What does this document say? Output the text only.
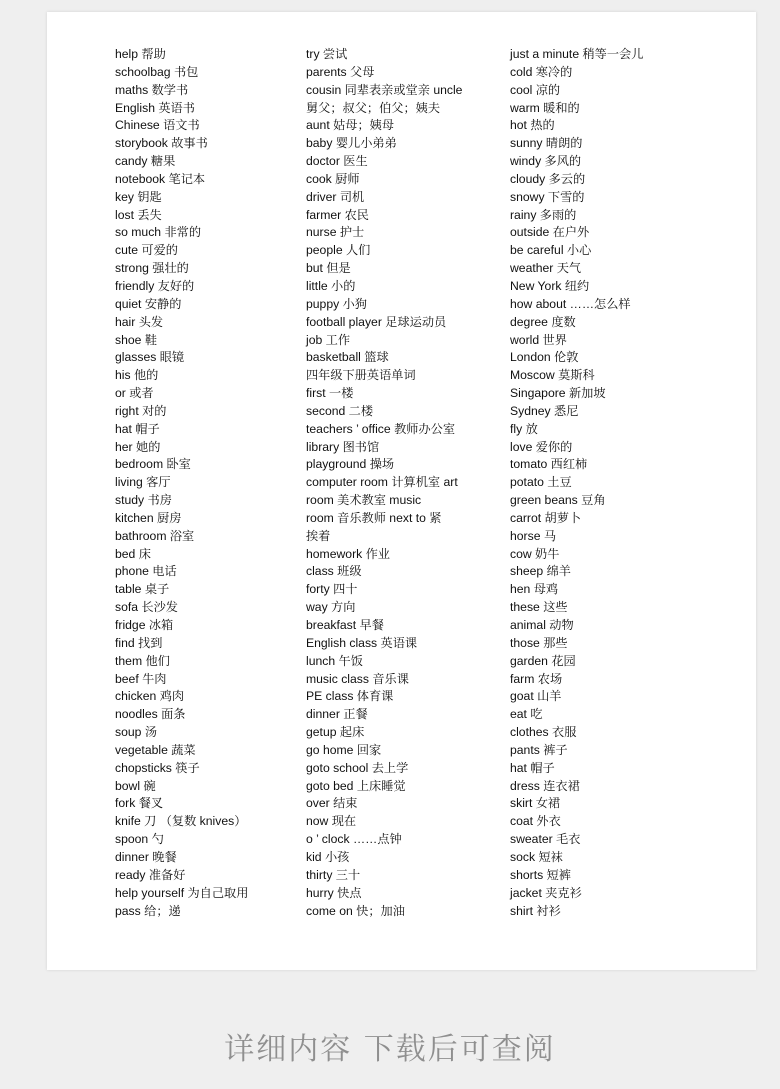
help 帮助
schoolbag 书包
maths 数学书
English 英语书
Chinese 语文书
storybook 故事书
candy 糖果
notebook 笔记本
key 钥匙
lost 丢失
so much 非常的
cute 可爱的
strong 强壮的
friendly 友好的
quiet 安静的
hair 头发
shoe 鞋
glasses 眼镜
his 他的
or 或者
right 对的
hat 帽子
her 她的
bedroom 卧室
living 客厅
study 书房
kitchen 厨房
bathroom 浴室
bed 床
phone 电话
table 桌子
sofa 长沙发
fridge 冰箱
find 找到
them 他们
beef 牛肉
chicken 鸡肉
noodles 面条
soup 汤
vegetable 蔬菜
chopsticks 筷子
bowl 碗
fork 餐叉
knife 刀 （复数 knives）
spoon 勺
dinner 晚餐
ready 准备好
help yourself 为自己取用
pass 给；递
try 尝试
parents 父母
cousin 同辈表亲或堂亲 uncle
舅父；叔父；伯父；姨夫
aunt 姑母；姨母
baby 婴儿小弟弟
doctor 医生
cook 厨师
driver 司机
farmer 农民
nurse 护士
people 人们
but 但是
little 小的
puppy 小狗
football player 足球运动员
job 工作
basketball 篮球
四年级下册英语单词
first 一楼
second 二楼
teachers ’ office 教师办公室
library 图书馆
playground 操场
computer room 计算机室 art
room 美术教室 music
room 音乐教师 next to 紧
挨着
homework 作业
class 班级
forty 四十
way 方向
breakfast 早餐
English class 英语课
lunch 午饭
music class 音乐课
PE class 体育课
dinner 正餐
getup 起床
go home 回家
goto school 去上学
goto bed 上床睡觉
over 结束
now 现在
o ’ clock ……点钟
kid 小孩
thirty 三十
hurry 快点
come on 快；加油
just a minute 稍等一会儿
cold 寒冷的
cool 凉的
warm 暖和的
hot 热的
sunny 晴朗的
windy 多风的
cloudy 多云的
snowy 下雪的
rainy 多雨的
outside 在户外
be careful 小心
weather 天气
New York 纽约
how about ……怎么样
degree 度数
world 世界
London 伦敦
Moscow 莫斯科
Singapore 新加坡
Sydney 悉尼
fly 放
love 爱你的
tomato 西红柿
potato 土豆
green beans 豆角
carrot 胡萝卜
horse 马
cow 奶牛
sheep 绵羊
hen 母鸡
these 这些
animal 动物
those 那些
garden 花园
farm 农场
goat 山羊
eat 吃
clothes 衣服
pants 裤子
hat 帽子
dress 连衣裙
skirt 女裙
coat 外衣
sweater 毛衣
sock 短袜
shorts 短裤
jacket 夹克衫
shirt 衬衫
详细内容 下载后可查阅
